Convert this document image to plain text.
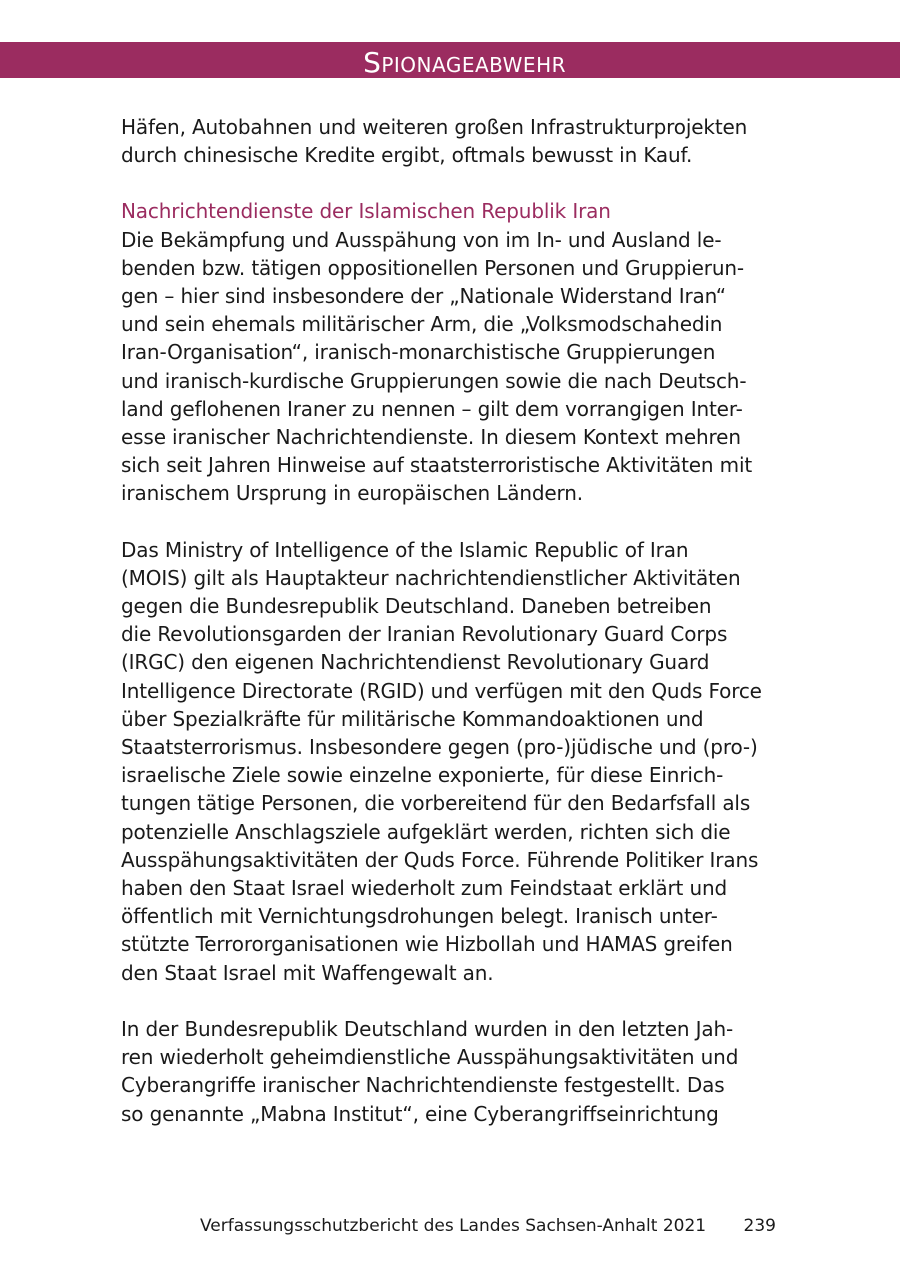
Spionageabwehr

Häfen, Autobahnen und weiteren großen Infrastrukturprojekten
durch chinesische Kredite ergibt, oftmals bewusst in Kauf.

Nachrichtendienste der Islamischen Republik Iran

Die Bekämpfung und Ausspähung von im In- und Ausland le-
benden bzw. tätigen oppositionellen Personen und Gruppierun-
gen – hier sind insbesondere der „Nationale Widerstand Iran“
und sein ehemals militärischer Arm, die „Volksmodschahedin
Iran-Organisation“, iranisch-monarchistische Gruppierungen
und iranisch-kurdische Gruppierungen sowie die nach Deutsch-
land geflohenen Iraner zu nennen – gilt dem vorrangigen Inter-
esse iranischer Nachrichtendienste. In diesem Kontext mehren
sich seit Jahren Hinweise auf staatsterroristische Aktivitäten mit
iranischem Ursprung in europäischen Ländern.

Das Ministry of Intelligence of the Islamic Republic of Iran
(MOIS) gilt als Hauptakteur nachrichtendienstlicher Aktivitäten
gegen die Bundesrepublik Deutschland. Daneben betreiben
die Revolutionsgarden der Iranian Revolutionary Guard Corps
(IRGC) den eigenen Nachrichtendienst Revolutionary Guard
Intelligence Directorate (RGID) und verfügen mit den Quds Force
über Spezialkräfte für militärische Kommandoaktionen und
Staatsterrorismus. Insbesondere gegen (pro-)jüdische und (pro-)
israelische Ziele sowie einzelne exponierte, für diese Einrich-
tungen tätige Personen, die vorbereitend für den Bedarfsfall als
potenzielle Anschlagsziele aufgeklärt werden, richten sich die
Ausspähungsaktivitäten der Quds Force. Führende Politiker Irans
haben den Staat Israel wiederholt zum Feindstaat erklärt und
öffentlich mit Vernichtungsdrohungen belegt. Iranisch unter-
stützte Terrororganisationen wie Hizbollah und HAMAS greifen
den Staat Israel mit Waffengewalt an.

In der Bundesrepublik Deutschland wurden in den letzten Jah-
ren wiederholt geheimdienstliche Ausspähungsaktivitäten und
Cyberangriffe iranischer Nachrichtendienste festgestellt. Das
so genannte „Mabna Institut“, eine Cyberangriffseinrichtung

Verfassungsschutzbericht des Landes Sachsen-Anhalt 2021 239
